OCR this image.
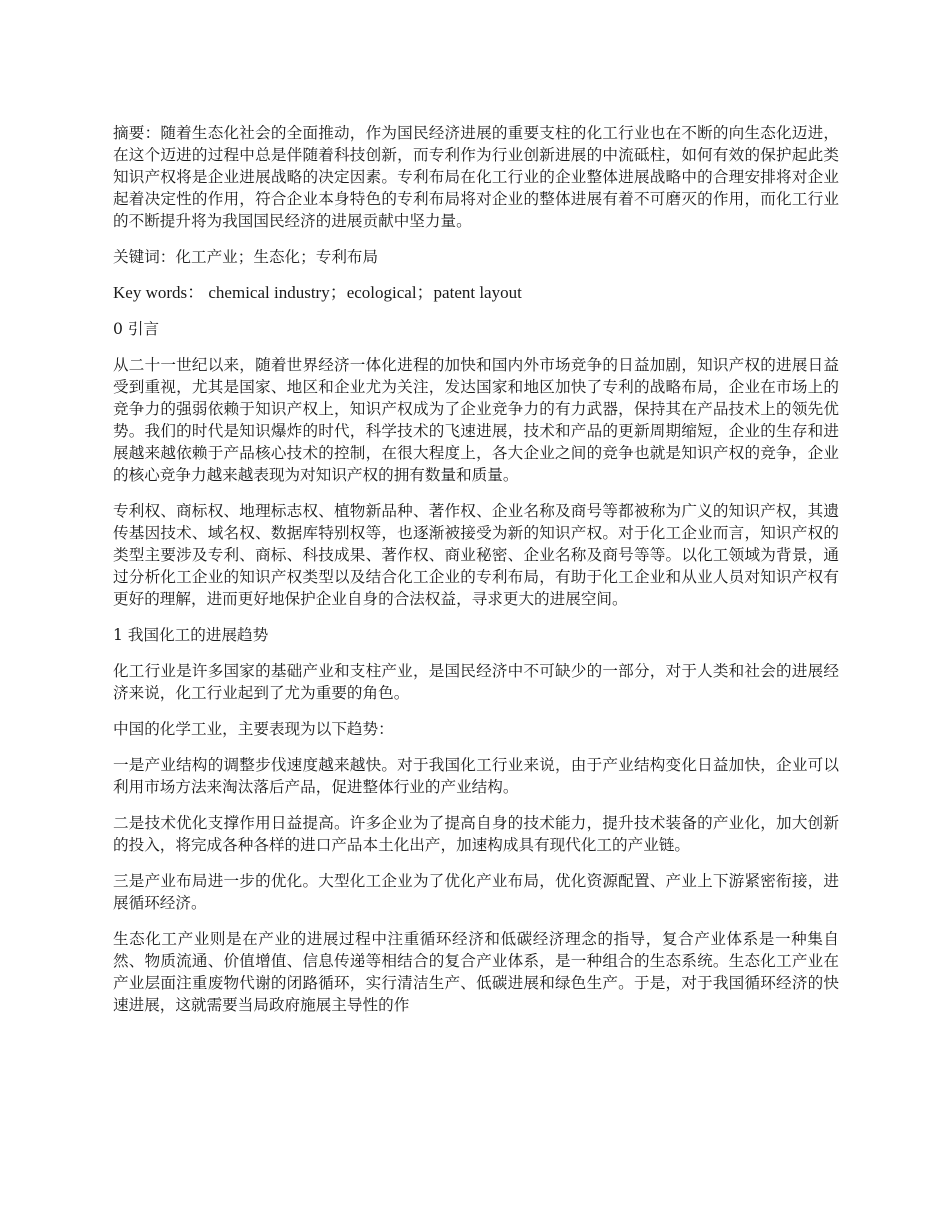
摘要：随着生态化社会的全面推动，作为国民经济进展的重要支柱的化工行业也在不断的向生态化迈进，在这个迈进的过程中总是伴随着科技创新，而专利作为行业创新进展的中流砥柱，如何有效的保护起此类知识产权将是企业进展战略的决定因素。专利布局在化工行业的企业整体进展战略中的合理安排将对企业起着决定性的作用，符合企业本身特色的专利布局将对企业的整体进展有着不可磨灭的作用，而化工行业的不断提升将为我国国民经济的进展贡献中坚力量。

关键词：化工产业；生态化；专利布局

Key words： chemical industry；ecological；patent layout

0 引言

从二十一世纪以来，随着世界经济一体化进程的加快和国内外市场竞争的日益加剧，知识产权的进展日益受到重视，尤其是国家、地区和企业尤为关注，发达国家和地区加快了专利的战略布局，企业在市场上的竞争力的强弱依赖于知识产权上，知识产权成为了企业竞争力的有力武器，保持其在产品技术上的领先优势。我们的时代是知识爆炸的时代，科学技术的飞速进展，技术和产品的更新周期缩短，企业的生存和进展越来越依赖于产品核心技术的控制，在很大程度上，各大企业之间的竞争也就是知识产权的竞争，企业的核心竞争力越来越表现为对知识产权的拥有数量和质量。

专利权、商标权、地理标志权、植物新品种、著作权、企业名称及商号等都被称为广义的知识产权，其遗传基因技术、域名权、数据库特别权等，也逐渐被接受为新的知识产权。对于化工企业而言，知识产权的类型主要涉及专利、商标、科技成果、著作权、商业秘密、企业名称及商号等等。以化工领域为背景，通过分析化工企业的知识产权类型以及结合化工企业的专利布局，有助于化工企业和从业人员对知识产权有更好的理解，进而更好地保护企业自身的合法权益，寻求更大的进展空间。

1 我国化工的进展趋势

化工行业是许多国家的基础产业和支柱产业，是国民经济中不可缺少的一部分，对于人类和社会的进展经济来说，化工行业起到了尤为重要的角色。

中国的化学工业，主要表现为以下趋势：

一是产业结构的调整步伐速度越来越快。对于我国化工行业来说，由于产业结构变化日益加快，企业可以利用市场方法来淘汰落后产品，促进整体行业的产业结构。

二是技术优化支撑作用日益提高。许多企业为了提高自身的技术能力，提升技术装备的产业化，加大创新的投入，将完成各种各样的进口产品本土化出产，加速构成具有现代化工的产业链。

三是产业布局进一步的优化。大型化工企业为了优化产业布局，优化资源配置、产业上下游紧密衔接，进展循环经济。

生态化工产业则是在产业的进展过程中注重循环经济和低碳经济理念的指导，复合产业体系是一种集自然、物质流通、价值增值、信息传递等相结合的复合产业体系，是一种组合的生态系统。生态化工产业在产业层面注重废物代谢的闭路循环，实行清洁生产、低碳进展和绿色生产。于是，对于我国循环经济的快速进展，这就需要当局政府施展主导性的作
